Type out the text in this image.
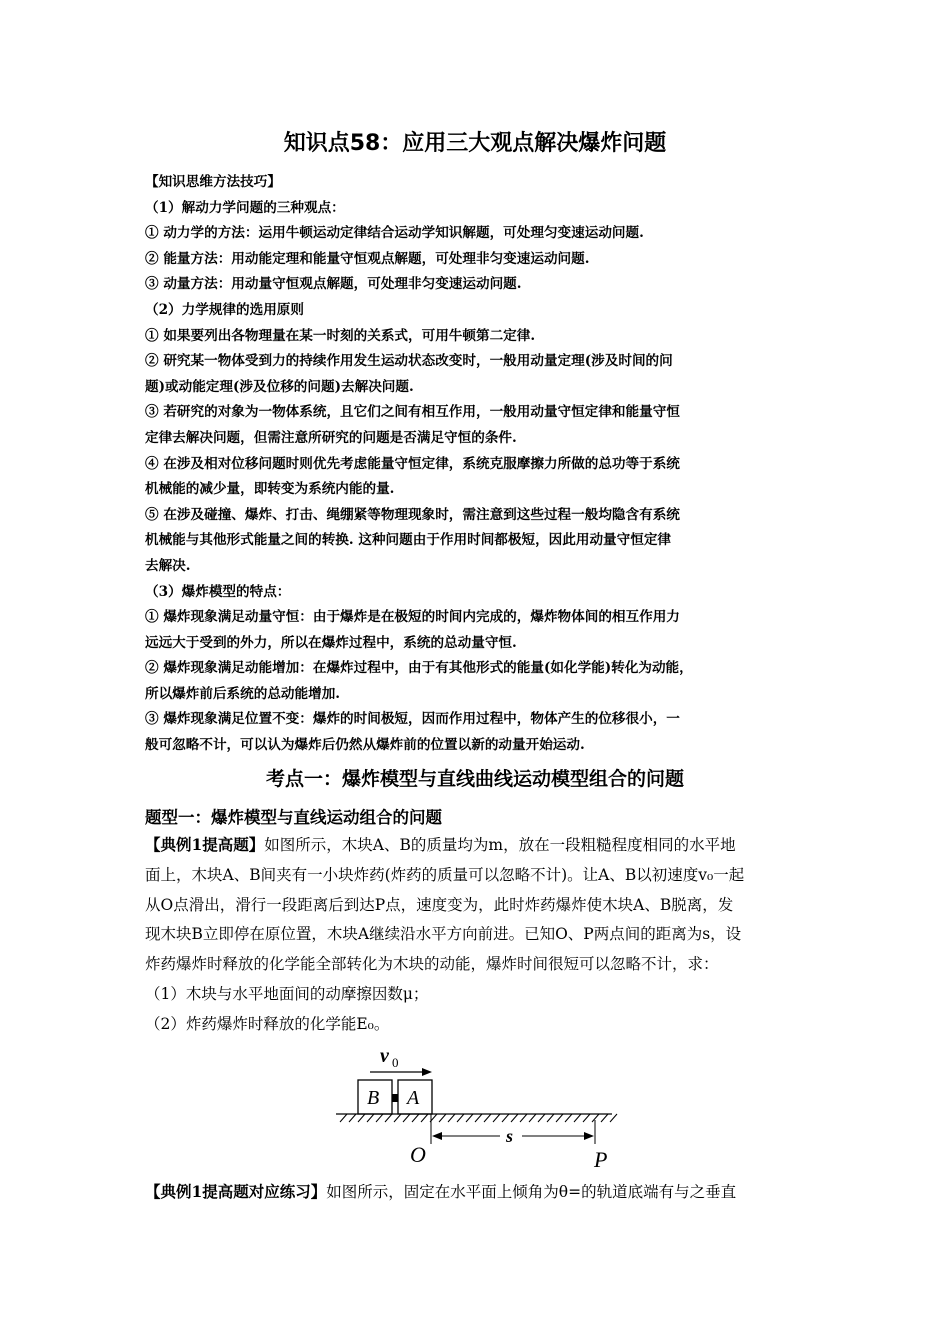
知识点58：应用三大观点解决爆炸问题

【知识思维方法技巧】

（1）解动力学问题的三种观点：

① 动力学的方法：运用牛顿运动定律结合运动学知识解题，可处理匀变速运动问题.

② 能量方法：用动能定理和能量守恒观点解题，可处理非匀变速运动问题.

③ 动量方法：用动量守恒观点解题，可处理非匀变速运动问题.

（2）力学规律的选用原则

① 如果要列出各物理量在某一时刻的关系式，可用牛顿第二定律.

② 研究某一物体受到力的持续作用发生运动状态改变时，一般用动量定理(涉及时间的问

题)或动能定理(涉及位移的问题)去解决问题.

③ 若研究的对象为一物体系统，且它们之间有相互作用，一般用动量守恒定律和能量守恒

定律去解决问题，但需注意所研究的问题是否满足守恒的条件.

④ 在涉及相对位移问题时则优先考虑能量守恒定律，系统克服摩擦力所做的总功等于系统

机械能的减少量，即转变为系统内能的量.

⑤ 在涉及碰撞、爆炸、打击、绳绷紧等物理现象时，需注意到这些过程一般均隐含有系统

机械能与其他形式能量之间的转换. 这种问题由于作用时间都极短，因此用动量守恒定律

去解决.

（3）爆炸模型的特点：

① 爆炸现象满足动量守恒：由于爆炸是在极短的时间内完成的，爆炸物体间的相互作用力

远远大于受到的外力，所以在爆炸过程中，系统的总动量守恒.

② 爆炸现象满足动能增加：在爆炸过程中，由于有其他形式的能量(如化学能)转化为动能，

所以爆炸前后系统的总动能增加.

③ 爆炸现象满足位置不变：爆炸的时间极短，因而作用过程中，物体产生的位移很小，一

般可忽略不计，可以认为爆炸后仍然从爆炸前的位置以新的动量开始运动.

考点一：爆炸模型与直线曲线运动模型组合的问题
题型一：爆炸模型与直线运动组合的问题

【典例1提高题】如图所示，木块A、B的质量均为m，放在一段粗糙程度相同的水平地

面上，木块A、B间夹有一小块炸药(炸药的质量可以忽略不计)。让A、B以初速度v₀一起

从O点滑出，滑行一段距离后到达P点，速度变为，此时炸药爆炸使木块A、B脱离，发

现木块B立即停在原位置，木块A继续沿水平方向前进。已知O、P两点间的距离为s，设

炸药爆炸时释放的化学能全部转化为木块的动能，爆炸时间很短可以忽略不计，求：

（1）木块与水平地面间的动摩擦因数μ；

（2）炸药爆炸时释放的化学能E₀。

v 0
B A
s
O	P

【典例1提高题对应练习】如图所示，固定在水平面上倾角为θ=的轨道底端有与之垂直
